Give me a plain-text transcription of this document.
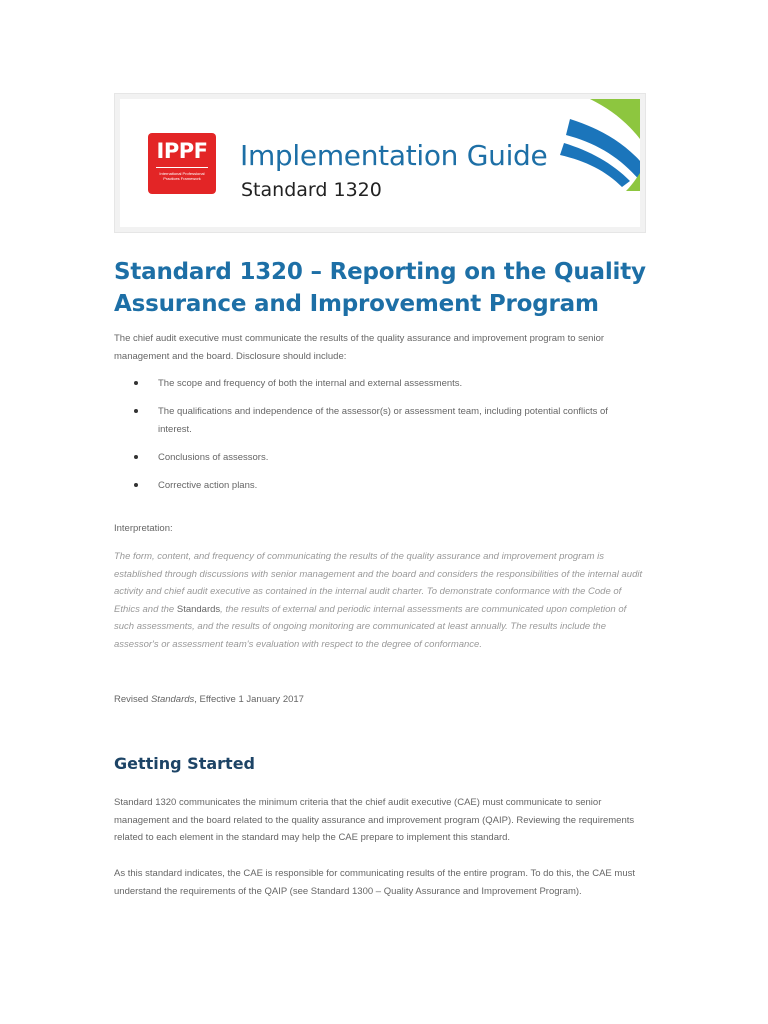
IPPF
International Professional Practices Framework
Implementation Guide
Standard 1320
Standard 1320 – Reporting on the Quality Assurance and Improvement Program

The chief audit executive must communicate the results of the quality assurance and improvement program to senior management and the board. Disclosure should include:

The scope and frequency of both the internal and external assessments.
The qualifications and independence of the assessor(s) or assessment team, including potential conflicts of interest.
Conclusions of assessors.
Corrective action plans.

Interpretation:

The form, content, and frequency of communicating the results of the quality assurance and improvement program is established through discussions with senior management and the board and considers the responsibilities of the internal audit activity and chief audit executive as contained in the internal audit charter. To demonstrate conformance with the Code of Ethics and the Standards, the results of external and periodic internal assessments are communicated upon completion of such assessments, and the results of ongoing monitoring are communicated at least annually. The results include the assessor's or assessment team's evaluation with respect to the degree of conformance.

Revised Standards, Effective 1 January 2017

Getting Started

Standard 1320 communicates the minimum criteria that the chief audit executive (CAE) must communicate to senior management and the board related to the quality assurance and improvement program (QAIP). Reviewing the requirements related to each element in the standard may help the CAE prepare to implement this standard.

As this standard indicates, the CAE is responsible for communicating results of the entire program. To do this, the CAE must understand the requirements of the QAIP (see Standard 1300 – Quality Assurance and Improvement Program).
